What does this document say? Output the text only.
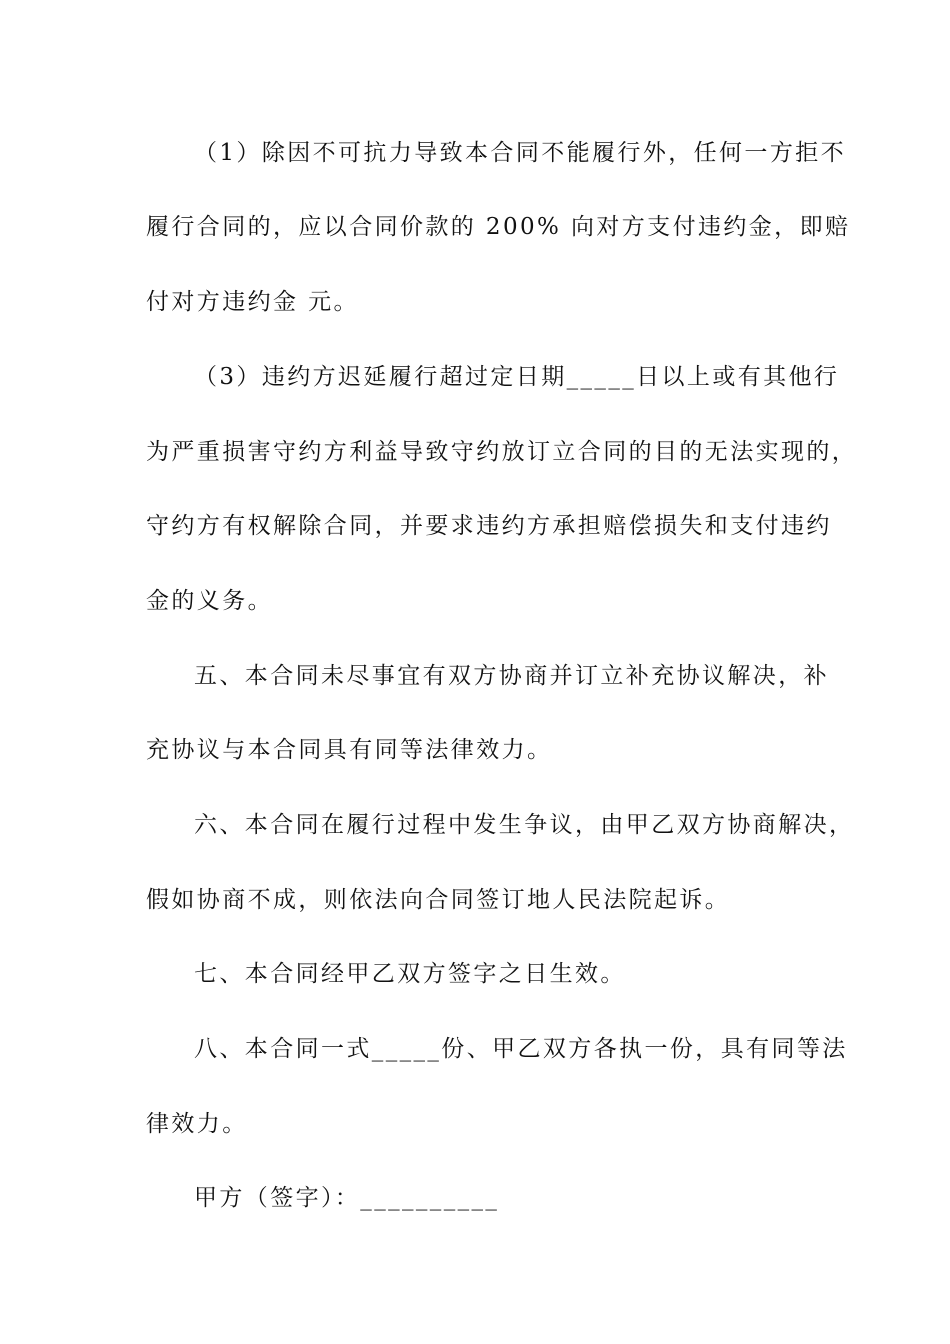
（1）除因不可抗力导致本合同不能履行外，任何一方拒不
履行合同的，应以合同价款的 200% 向对方支付违约金，即赔
付对方违约金 元。
（3）违约方迟延履行超过定日期_____日以上或有其他行
为严重损害守约方利益导致守约放订立合同的目的无法实现的，
守约方有权解除合同，并要求违约方承担赔偿损失和支付违约
金的义务。
五、本合同未尽事宜有双方协商并订立补充协议解决，补
充协议与本合同具有同等法律效力。
六、本合同在履行过程中发生争议，由甲乙双方协商解决，
假如协商不成，则依法向合同签订地人民法院起诉。
七、本合同经甲乙双方签字之日生效。
八、本合同一式_____份、甲乙双方各执一份，具有同等法
律效力。
甲方（签字）：__________
